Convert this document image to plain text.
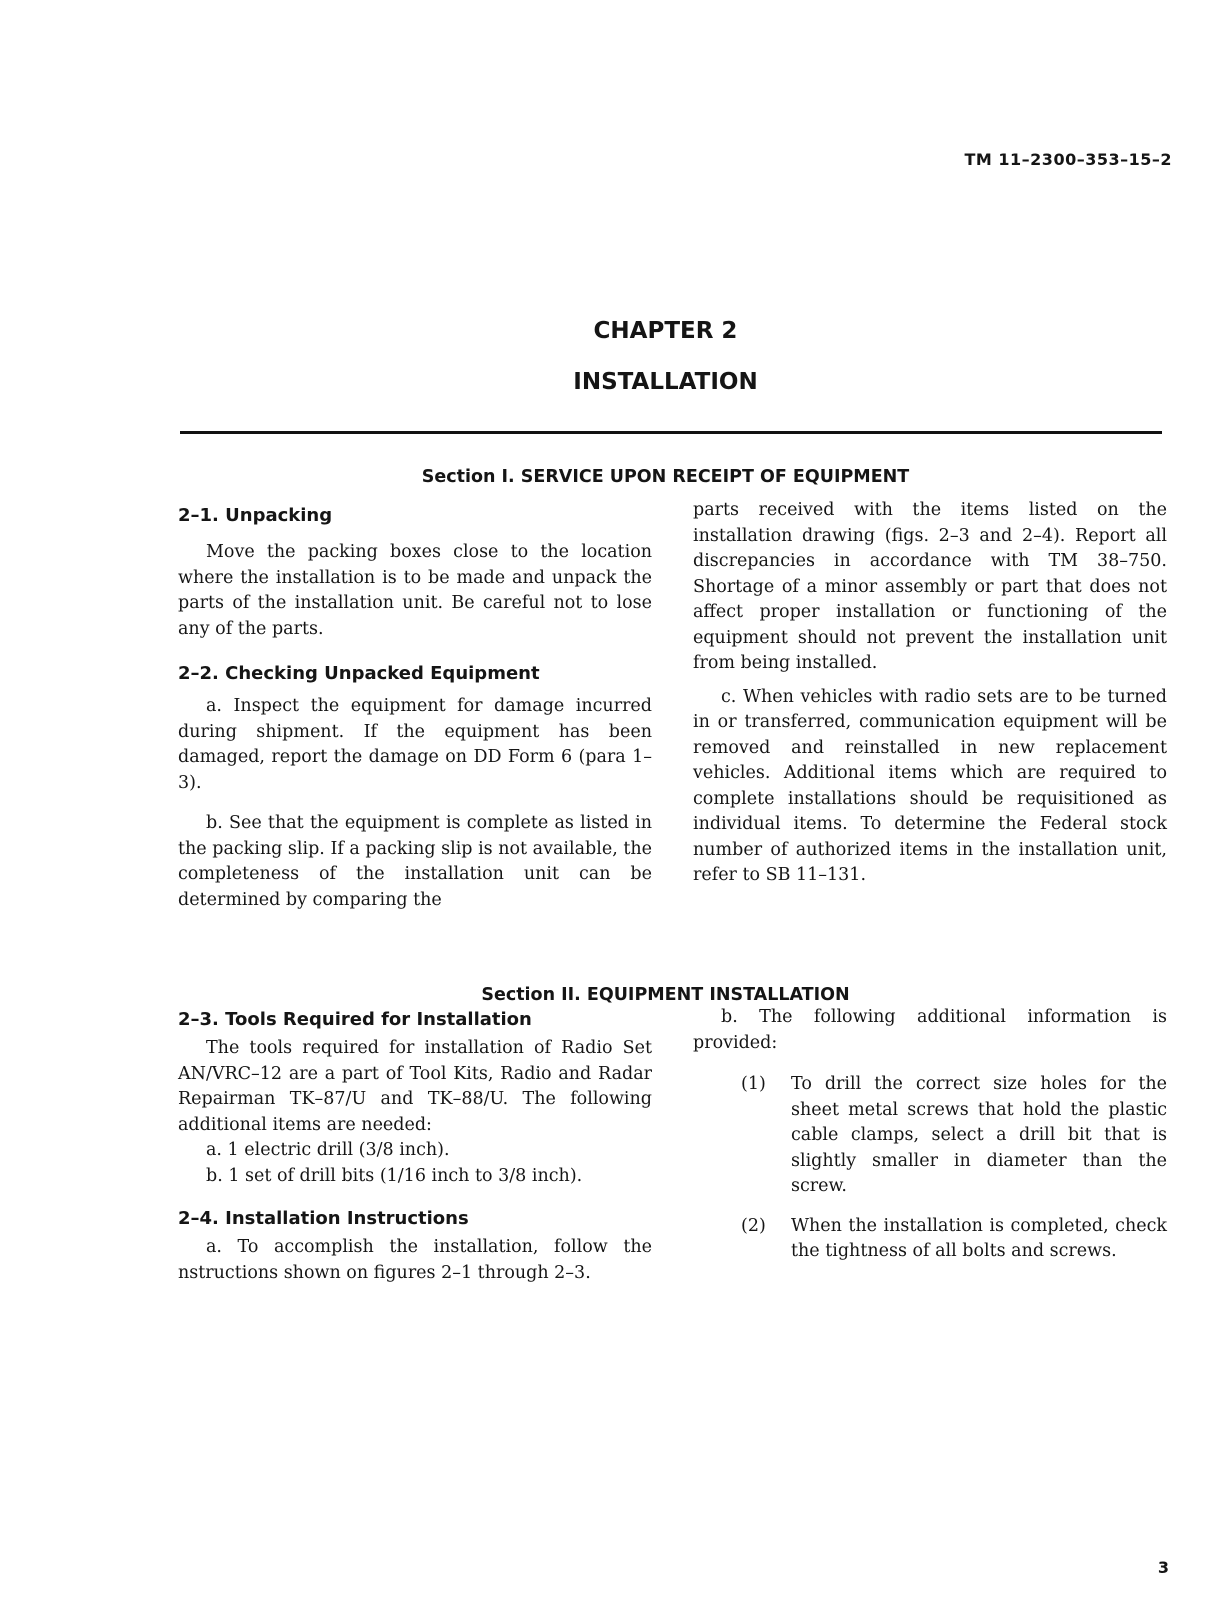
TM 11–2300–353–15–2
CHAPTER 2
INSTALLATION
Section I. SERVICE UPON RECEIPT OF EQUIPMENT
2–1. Unpacking

Move the packing boxes close to the location where the installation is to be made and unpack the parts of the installation unit. Be careful not to lose any of the parts.

2–2. Checking Unpacked Equipment

a. Inspect the equipment for damage incurred during shipment. If the equipment has been damaged, report the damage on DD Form 6 (para 1–3).

b. See that the equipment is complete as listed in the packing slip. If a packing slip is not available, the completeness of the installation unit can be determined by comparing the

parts received with the items listed on the installation drawing (figs. 2–3 and 2–4). Report all discrepancies in accordance with TM 38–750. Shortage of a minor assembly or part that does not affect proper installation or functioning of the equipment should not prevent the installation unit from being installed.

c. When vehicles with radio sets are to be turned in or transferred, communication equipment will be removed and reinstalled in new replacement vehicles. Additional items which are required to complete installations should be requisitioned as individual items. To determine the Federal stock number of authorized items in the installation unit, refer to SB 11–131.

Section II. EQUIPMENT INSTALLATION
2–3. Tools Required for Installation

The tools required for installation of Radio Set AN/VRC–12 are a part of Tool Kits, Radio and Radar Repairman TK–87/U and TK–88/U. The following additional items are needed:

a. 1 electric drill (3/8 inch).

b. 1 set of drill bits (1/16 inch to 3/8 inch).

2–4. Installation Instructions

a. To accomplish the installation, follow the nstructions shown on figures 2–1 through 2–3.

b. The following additional information is provided:

(1)	To drill the correct size holes for the sheet metal screws that hold the plastic cable clamps, select a drill bit that is slightly smaller in diameter than the screw.

(2)	When the installation is completed, check the tightness of all bolts and screws.

3
